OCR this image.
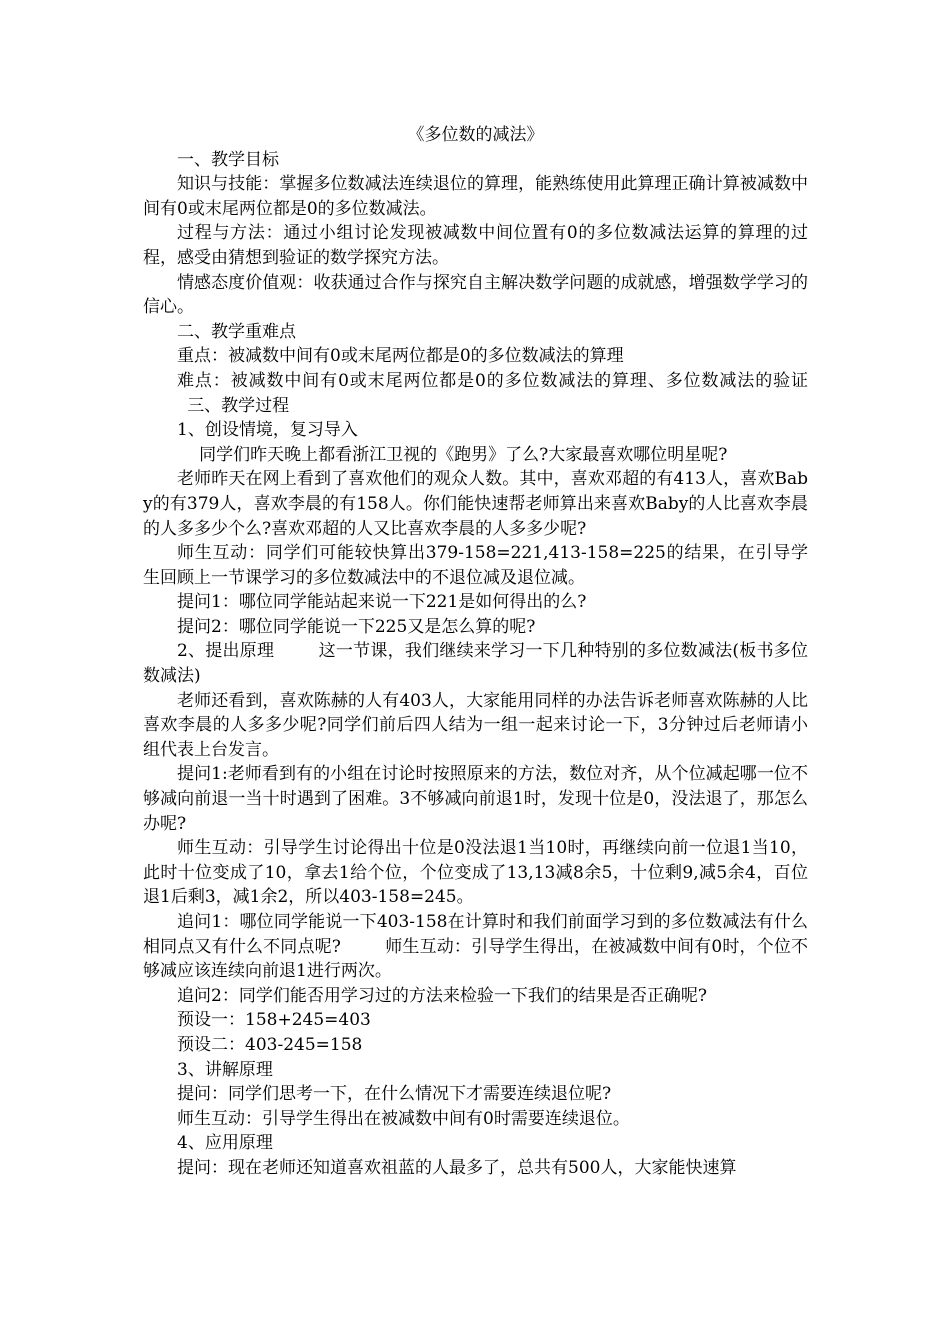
《多位数的减法》

一、教学目标

知识与技能：掌握多位数减法连续退位的算理，能熟练使用此算理正确计算被减数中间有0或末尾两位都是0的多位数减法。

过程与方法：通过小组讨论发现被减数中间位置有0的多位数减法运算的算理的过程，感受由猜想到验证的数学探究方法。

情感态度价值观：收获通过合作与探究自主解决数学问题的成就感，增强数学学习的信心。

二、教学重难点

重点：被减数中间有0或末尾两位都是0的多位数减法的算理

难点：被减数中间有0或末尾两位都是0的多位数减法的算理、多位数减法的验证三、教学过程

1、创设情境，复习导入

同学们昨天晚上都看浙江卫视的《跑男》了么?大家最喜欢哪位明星呢?

老师昨天在网上看到了喜欢他们的观众人数。其中，喜欢邓超的有413人，喜欢Baby的有379人，喜欢李晨的有158人。你们能快速帮老师算出来喜欢Baby的人比喜欢李晨的人多多少个么?喜欢邓超的人又比喜欢李晨的人多多少呢?

师生互动：同学们可能较快算出379-158=221,413-158=225的结果，在引导学生回顾上一节课学习的多位数减法中的不退位减及退位减。

提问1：哪位同学能站起来说一下221是如何得出的么?

提问2：哪位同学能说一下225又是怎么算的呢?

2、提出原理	这一节课，我们继续来学习一下几种特别的多位数减法(板书多位数减法)

老师还看到，喜欢陈赫的人有403人，大家能用同样的办法告诉老师喜欢陈赫的人比喜欢李晨的人多多少呢?同学们前后四人结为一组一起来讨论一下，3分钟过后老师请小组代表上台发言。

提问1:老师看到有的小组在讨论时按照原来的方法，数位对齐，从个位减起哪一位不够减向前退一当十时遇到了困难。3不够减向前退1时，发现十位是0，没法退了，那怎么办呢?

师生互动：引导学生讨论得出十位是0没法退1当10时，再继续向前一位退1当10，此时十位变成了10，拿去1给个位，个位变成了13,13减8余5，十位剩9,减5余4，百位退1后剩3，减1余2，所以403-158=245。

追问1：哪位同学能说一下403-158在计算时和我们前面学习到的多位数减法有什么相同点又有什么不同点呢?	师生互动：引导学生得出，在被减数中间有0时，个位不够减应该连续向前退1进行两次。

追问2：同学们能否用学习过的方法来检验一下我们的结果是否正确呢?

预设一：158+245=403

预设二：403-245=158

3、讲解原理

提问：同学们思考一下，在什么情况下才需要连续退位呢?

师生互动：引导学生得出在被减数中间有0时需要连续退位。

4、应用原理

提问：现在老师还知道喜欢祖蓝的人最多了，总共有500人，大家能快速算
